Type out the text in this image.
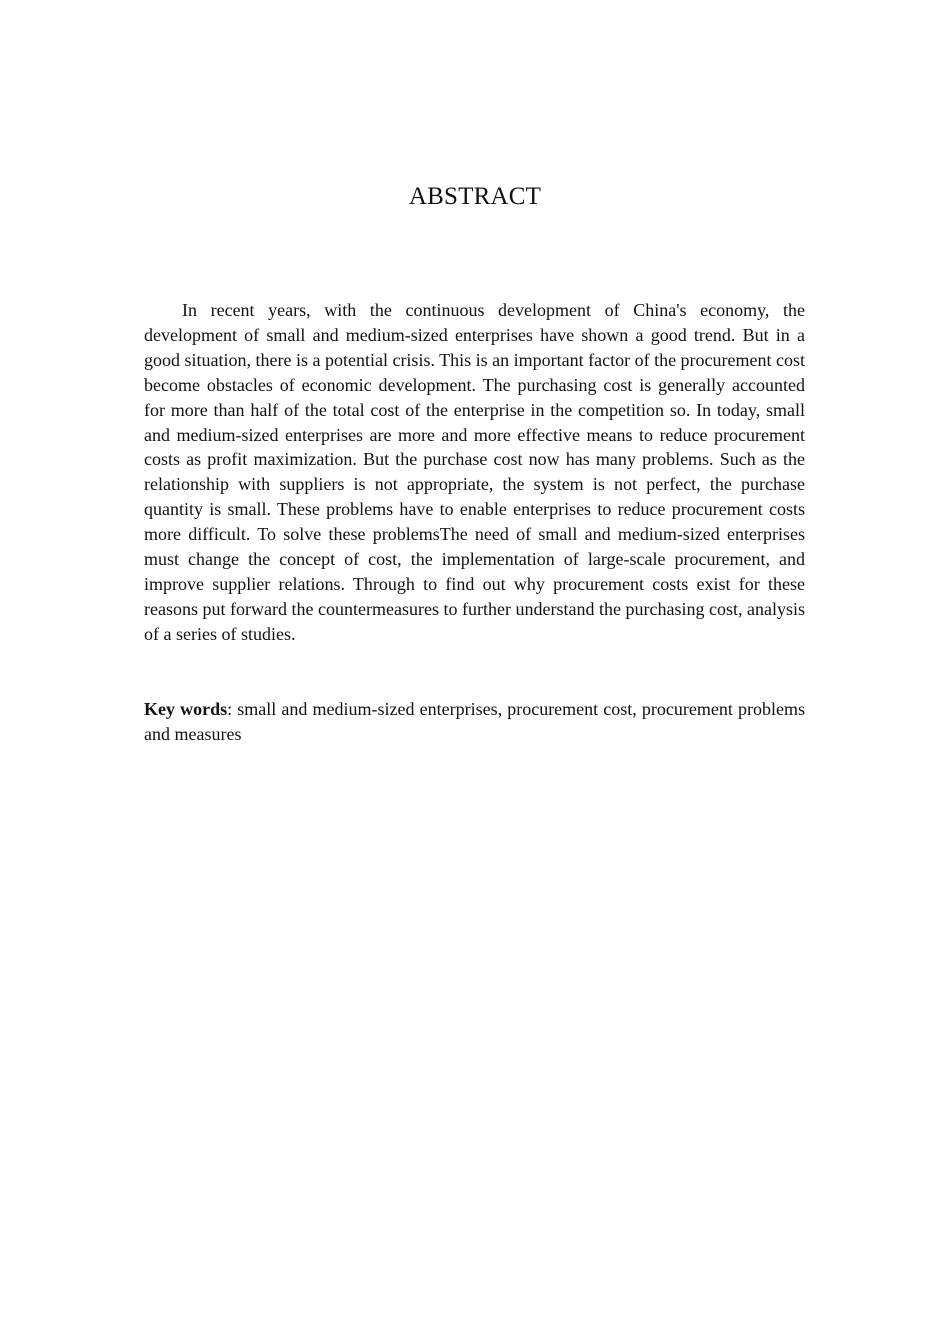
ABSTRACT

In recent years, with the continuous development of China's economy, the development of small and medium-sized enterprises have shown a good trend. But in a good situation, there is a potential crisis. This is an important factor of the procurement cost become obstacles of economic development. The purchasing cost is generally accounted for more than half of the total cost of the enterprise in the competition so. In today, small and medium-sized enterprises are more and more effective means to reduce procurement costs as profit maximization. But the purchase cost now has many problems. Such as the relationship with suppliers is not appropriate, the system is not perfect, the purchase quantity is small. These problems have to enable enterprises to reduce procurement costs more difficult. To solve these problemsThe need of small and medium-sized enterprises must change the concept of cost, the implementation of large-scale procurement, and improve supplier relations. Through to find out why procurement costs exist for these reasons put forward the countermeasures to further understand the purchasing cost, analysis of a series of studies.

Key words: small and medium-sized enterprises, procurement cost, procurement problems and measures
